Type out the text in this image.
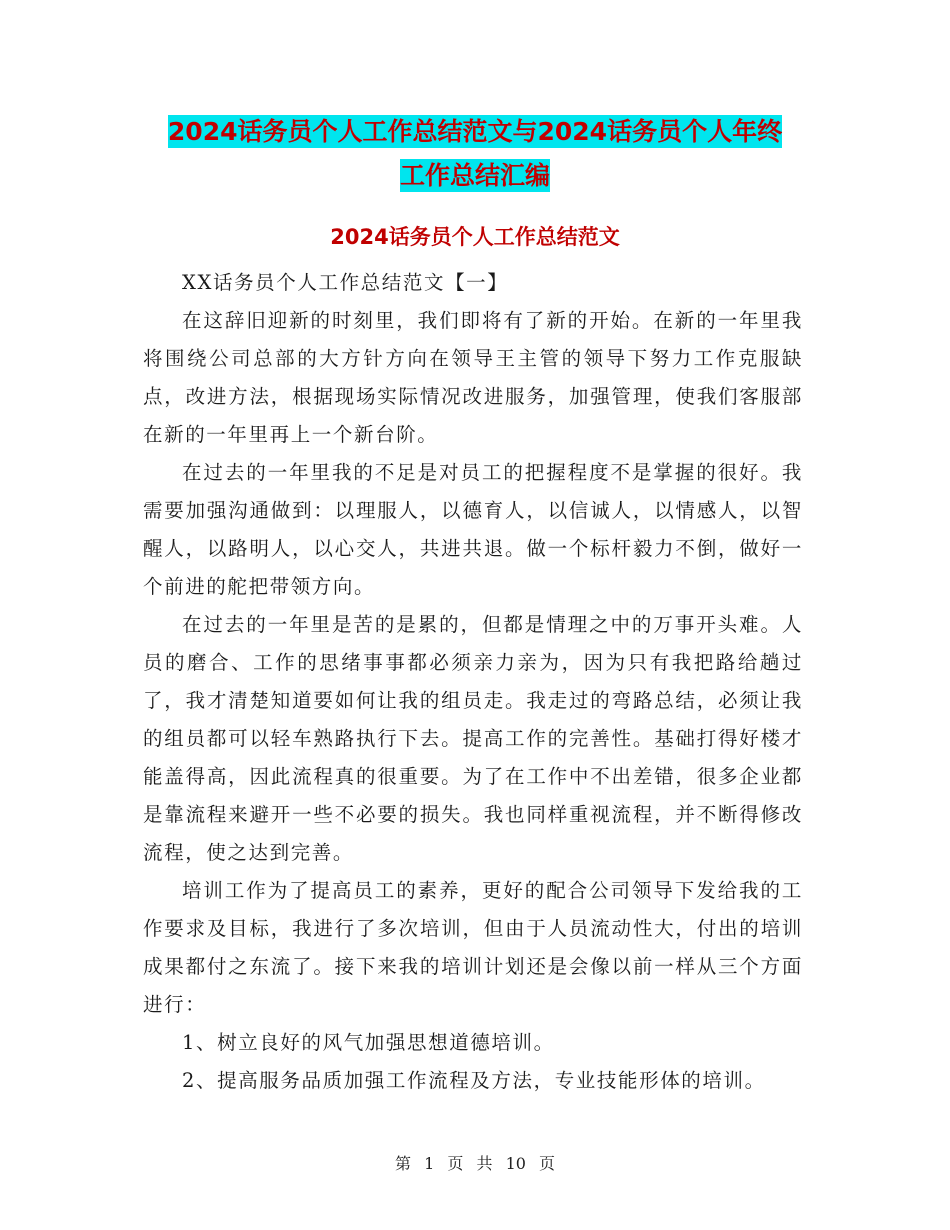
2024话务员个人工作总结范文与2024话务员个人年终
工作总结汇编
2024话务员个人工作总结范文

XX话务员个人工作总结范文【一】

在这辞旧迎新的时刻里，我们即将有了新的开始。在新的一年里我将围绕公司总部的大方针方向在领导王主管的领导下努力工作克服缺点，改进方法，根据现场实际情况改进服务，加强管理，使我们客服部在新的一年里再上一个新台阶。

在过去的一年里我的不足是对员工的把握程度不是掌握的很好。我需要加强沟通做到：以理服人，以德育人，以信诚人，以情感人，以智醒人，以路明人，以心交人，共进共退。做一个标杆毅力不倒，做好一个前进的舵把带领方向。

在过去的一年里是苦的是累的，但都是情理之中的万事开头难。人员的磨合、工作的思绪事事都必须亲力亲为，因为只有我把路给趟过了，我才清楚知道要如何让我的组员走。我走过的弯路总结，必须让我的组员都可以轻车熟路执行下去。提高工作的完善性。基础打得好楼才能盖得高，因此流程真的很重要。为了在工作中不出差错，很多企业都是靠流程来避开一些不必要的损失。我也同样重视流程，并不断得修改流程，使之达到完善。

培训工作为了提高员工的素养，更好的配合公司领导下发给我的工作要求及目标，我进行了多次培训，但由于人员流动性大，付出的培训成果都付之东流了。接下来我的培训计划还是会像以前一样从三个方面进行：

1、树立良好的风气加强思想道德培训。

2、提高服务品质加强工作流程及方法，专业技能形体的培训。

第 1 页 共 10 页
